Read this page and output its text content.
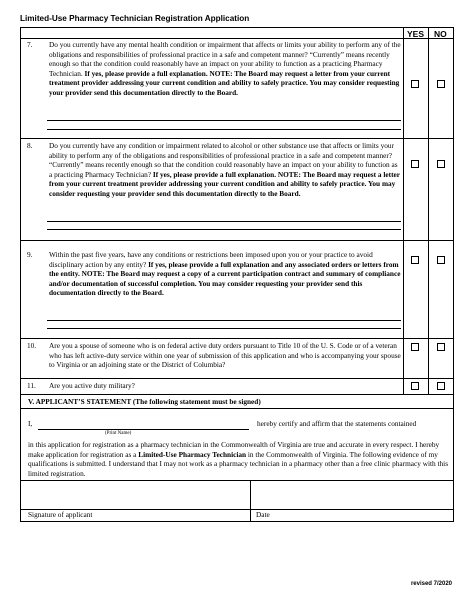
Limited-Use Pharmacy Technician Registration Application
YES NO
7. Do you currently have any mental health condition or impairment that affects or limits your ability to perform any of the obligations and responsibilities of professional practice in a safe and competent manner? “Currently” means recently enough so that the condition could reasonably have an impact on your ability to function as a practicing Pharmacy Technician. If yes, please provide a full explanation. NOTE: The Board may request a letter from your current treatment provider addressing your current condition and ability to safely practice. You may consider requesting your provider send this documentation directly to the Board.
8. Do you currently have any condition or impairment related to alcohol or other substance use that affects or limits your ability to perform any of the obligations and responsibilities of professional practice in a safe and competent manner? “Currently” means recently enough so that the condition could reasonably have an impact on your ability to function as a practicing Pharmacy Technician? If yes, please provide a full explanation. NOTE: The Board may request a letter from your current treatment provider addressing your current condition and ability to safely practice. You may consider requesting your provider send this documentation directly to the Board.
9. Within the past five years, have any conditions or restrictions been imposed upon you or your practice to avoid disciplinary action by any entity? If yes, please provide a full explanation and any associated orders or letters from the entity. NOTE: The Board may request a copy of a current participation contract and summary of compliance and/or documentation of successful completion. You may consider requesting your provider send this documentation directly to the Board.
10. Are you a spouse of someone who is on federal active duty orders pursuant to Title 10 of the U. S. Code or of a veteran who has left active-duty service within one year of submission of this application and who is accompanying your spouse to Virginia or an adjoining state or the District of Columbia?
11. Are you active duty military?
V. APPLICANT’S STATEMENT (The following statement must be signed)
I,
(Print Name)
hereby certify and affirm that the statements contained
in this application for registration as a pharmacy technician in the Commonwealth of Virginia are true and accurate in every respect. I hereby make application for registration as a Limited-Use Pharmacy Technician in the Commonwealth of Virginia. The following evidence of my qualifications is submitted. I understand that I may not work as a pharmacy technician in a pharmacy other than a free clinic pharmacy with this limited registration.
Signature of applicant	Date
revised 7/2020
